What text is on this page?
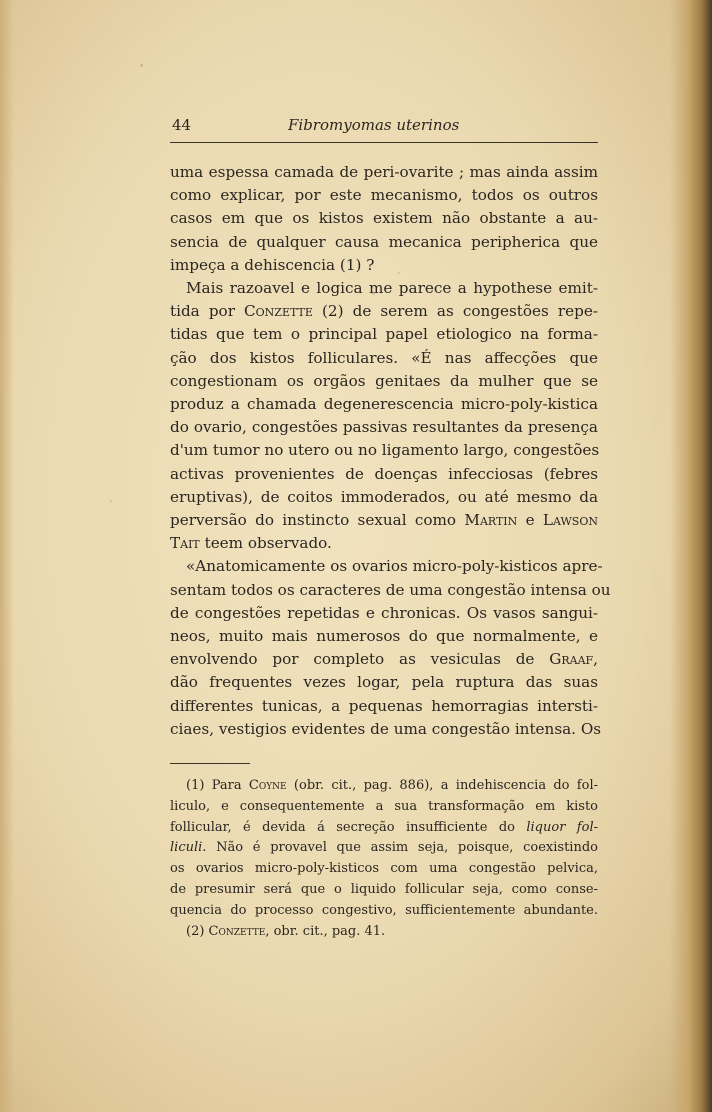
44	Fibromyomas uterinos
uma espessa camada de peri-ovarite ; mas ainda assim
como explicar, por este mecanismo, todos os outros
casos em que os kistos existem não obstante a au-
sencia de qualquer causa mecanica peripherica que
impeça a dehiscencia (1) ?
Mais razoavel e logica me parece a hypothese emit-
tida por Conzette (2) de serem as congestões repe-
tidas que tem o principal papel etiologico na forma-
ção dos kistos folliculares. «É nas affecções que
congestionam os orgãos genitaes da mulher que se
produz a chamada degenerescencia micro-poly-kistica
do ovario, congestões passivas resultantes da presença
d'um tumor no utero ou no ligamento largo, congestões
activas provenientes de doenças infecciosas (febres
eruptivas), de coitos immoderados, ou até mesmo da
perversão do instincto sexual como Martin e Lawson
Tait teem observado.
«Anatomicamente os ovarios micro-poly-kisticos apre-
sentam todos os caracteres de uma congestão intensa ou
de congestões repetidas e chronicas. Os vasos sangui-
neos, muito mais numerosos do que normalmente, e
envolvendo por completo as vesiculas de Graaf,
dão frequentes vezes logar, pela ruptura das suas
differentes tunicas, a pequenas hemorragias intersti-
ciaes, vestigios evidentes de uma congestão intensa. Os
(1) Para Coyne (obr. cit., pag. 886), a indehiscencia do fol-
liculo, e consequentemente a sua transformação em kisto
follicular, é devida á secreção insufficiente do liquor fol-
liculi. Não é provavel que assim seja, poisque, coexistindo
os ovarios micro-poly-kisticos com uma congestão pelvica,
de presumir será que o liquido follicular seja, como conse-
quencia do processo congestivo, sufficientemente abundante.
(2) Conzette, obr. cit., pag. 41.
